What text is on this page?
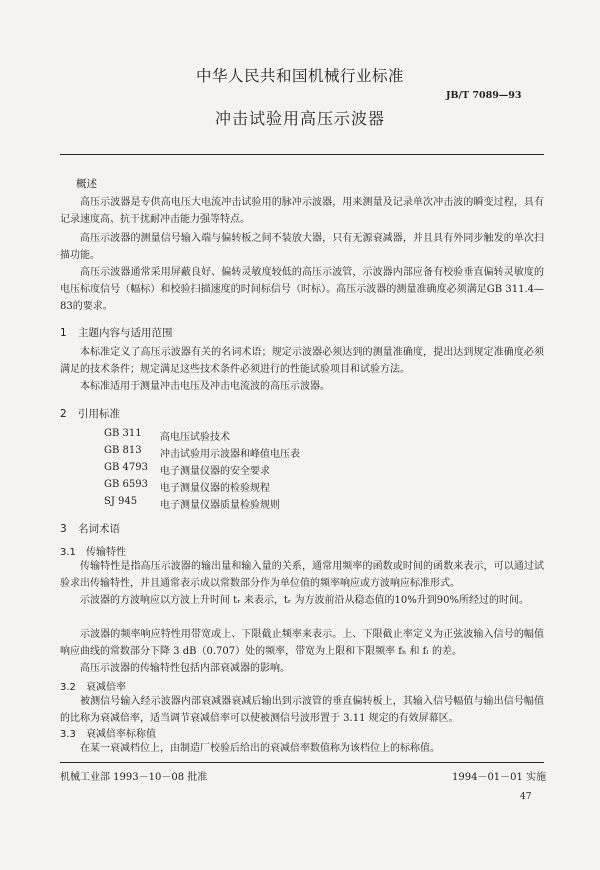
中华人民共和国机械行业标准
JB/T 7089—93
冲击试验用高压示波器
概述
高压示波器是专供高电压大电流冲击试验用的脉冲示波器，用来测量及记录单次冲击波的瞬变过程，具有记录速度高、抗干扰耐冲击能力强等特点。
高压示波器的测量信号输入端与偏转板之间不装放大器，只有无源衰减器，并且具有外同步触发的单次扫描功能。
高压示波器通常采用屏蔽良好、偏转灵敏度较低的高压示波管，示波器内部应备有校验垂直偏转灵敏度的电压标度信号（幅标）和校验扫描速度的时间标信号（时标）。高压示波器的测量准确度必须满足GB 311.4—83的要求。
1 主题内容与适用范围
本标准定义了高压示波器有关的名词术语；规定示波器必须达到的测量准确度，提出达到规定准确度必须满足的技术条件；规定满足这些技术条件必须进行的性能试验项目和试验方法。
本标准适用于测量冲击电压及冲击电流波的高压示波器。
2 引用标准
GB 311 高电压试验技术
GB 813 冲击试验用示波器和峰值电压表
GB 4793 电子测量仪器的安全要求
GB 6593 电子测量仪器的检验规程
SJ 945 电子测量仪器质量检验规则
3 名词术语
3.1 传输特性
传输特性是指高压示波器的输出量和输入量的关系，通常用频率的函数或时间的函数来表示，可以通过试验求出传输特性，并且通常表示成以常数部分作为单位值的频率响应或方波响应标准形式。
示波器的方波响应以方波上升时间 tᵣ 来表示，tᵣ 为方波前沿从稳态值的10%升到90%所经过的时间。
示波器的频率响应特性用带宽或上、下限截止频率来表示。上、下限截止率定义为正弦波输入信号的幅值响应曲线的常数部分下降 3 dB（0.707）处的频率，带宽为上限和下限频率 fₕ 和 fₗ 的差。
高压示波器的传输特性包括内部衰减器的影响。
3.2 衰减倍率
被测信号输入经示波器内部衰减器衰减后输出到示波管的垂直偏转板上，其输入信号幅值与输出信号幅值的比称为衰减倍率，适当调节衰减倍率可以使被测信号波形置于 3.11 规定的有效屏幕区。
3.3 衰减倍率标称值
在某一衰减档位上，由制造厂校验后给出的衰减倍率数值称为该档位上的标称值。
机械工业部 1993－10－08 批准	1994－01－01 实施
47
